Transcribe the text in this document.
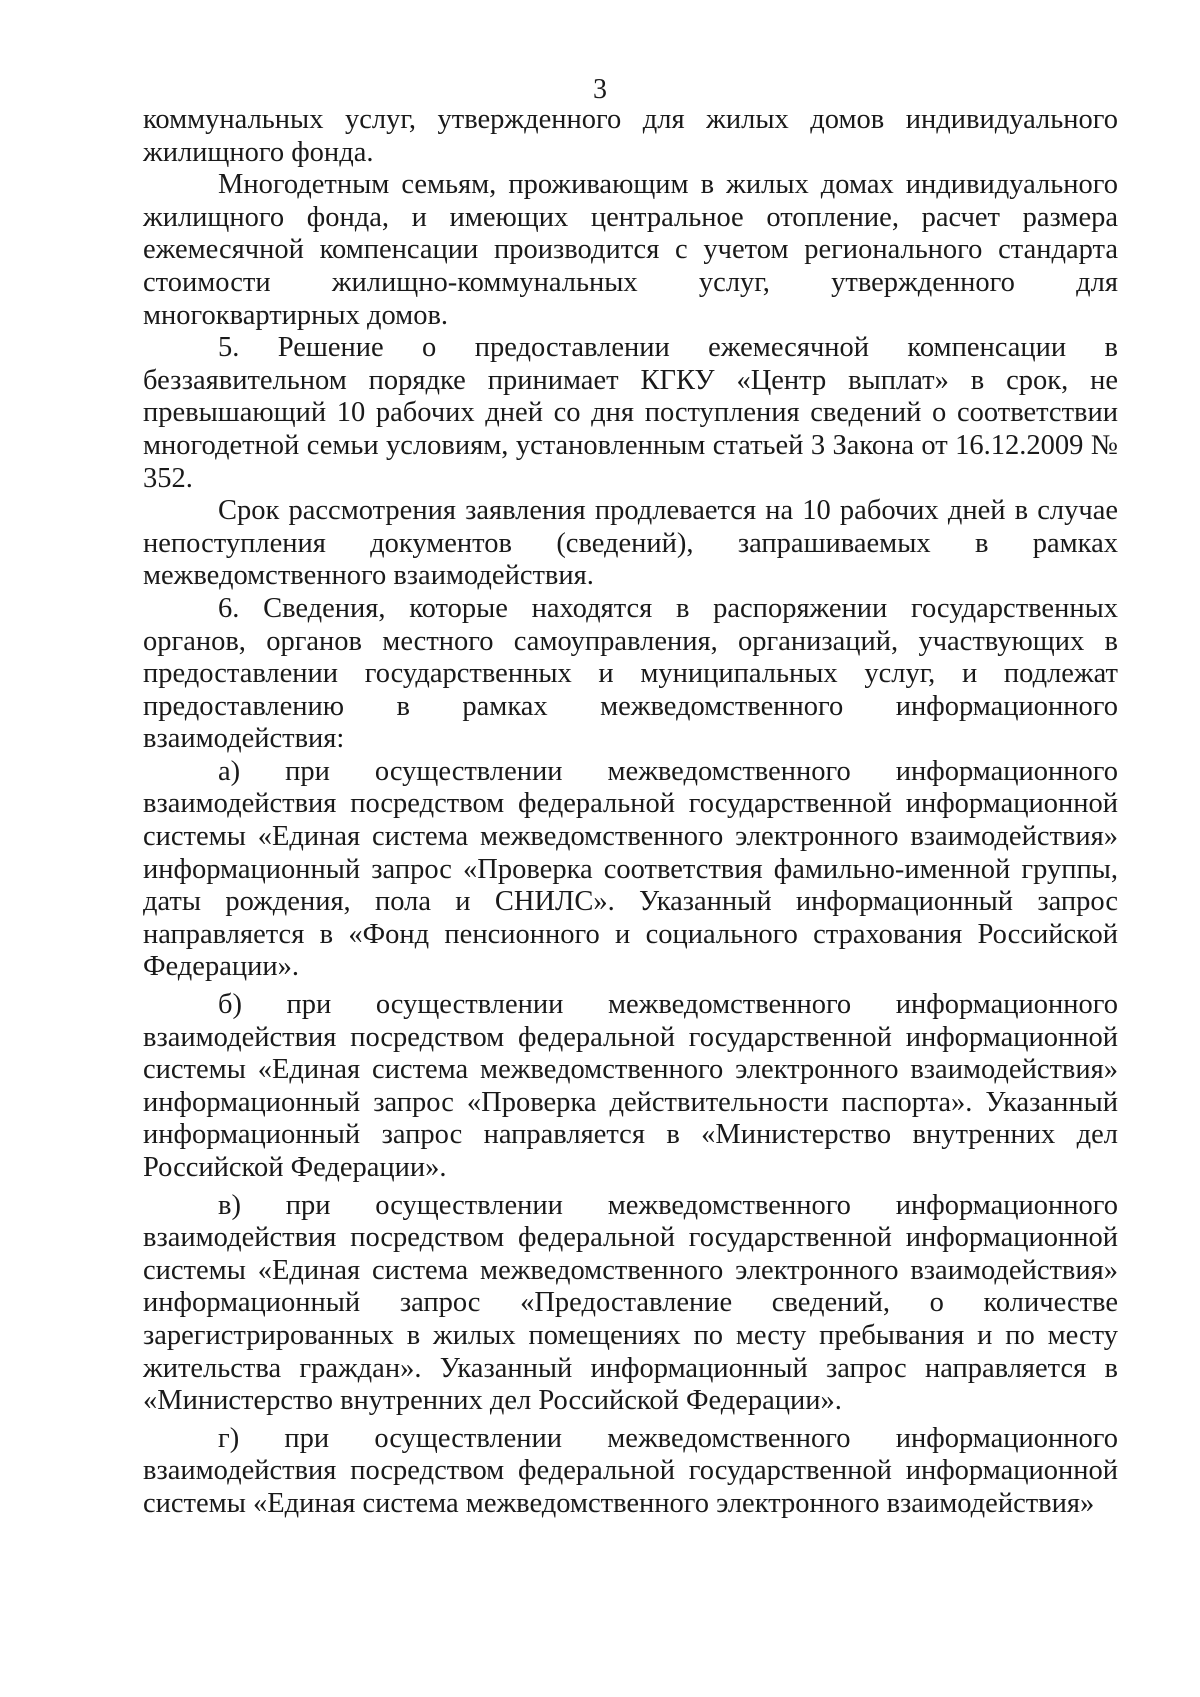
3

коммунальных услуг, утвержденного для жилых домов индивидуального жилищного фонда.

Многодетным семьям, проживающим в жилых домах индивидуального жилищного фонда, и имеющих центральное отопление, расчет размера ежемесячной компенсации производится с учетом регионального стандарта стоимости жилищно-коммунальных услуг, утвержденного для многоквартирных домов.

5. Решение о предоставлении ежемесячной компенсации в беззаявительном порядке принимает КГКУ «Центр выплат» в срок, не превышающий 10 рабочих дней со дня поступления сведений о соответствии многодетной семьи условиям, установленным статьей 3 Закона от 16.12.2009 № 352.

Срок рассмотрения заявления продлевается на 10 рабочих дней в случае непоступления документов (сведений), запрашиваемых в рамках межведомственного взаимодействия.

6. Сведения, которые находятся в распоряжении государственных органов, органов местного самоуправления, организаций, участвующих в предоставлении государственных и муниципальных услуг, и подлежат предоставлению в рамках межведомственного информационного взаимодействия:

а) при осуществлении межведомственного информационного взаимодействия посредством федеральной государственной информационной системы «Единая система межведомственного электронного взаимодействия» информационный запрос «Проверка соответствия фамильно-именной группы, даты рождения, пола и СНИЛС». Указанный информационный запрос направляется в «Фонд пенсионного и социального страхования Российской Федерации».

б) при осуществлении межведомственного информационного взаимодействия посредством федеральной государственной информационной системы «Единая система межведомственного электронного взаимодействия» информационный запрос «Проверка действительности паспорта». Указанный информационный запрос направляется в «Министерство внутренних дел Российской Федерации».

в) при осуществлении межведомственного информационного взаимодействия посредством федеральной государственной информационной системы «Единая система межведомственного электронного взаимодействия» информационный запрос «Предоставление сведений, о количестве зарегистрированных в жилых помещениях по месту пребывания и по месту жительства граждан». Указанный информационный запрос направляется в «Министерство внутренних дел Российской Федерации».

г) при осуществлении межведомственного информационного взаимодействия посредством федеральной государственной информационной системы «Единая система межведомственного электронного взаимодействия»
